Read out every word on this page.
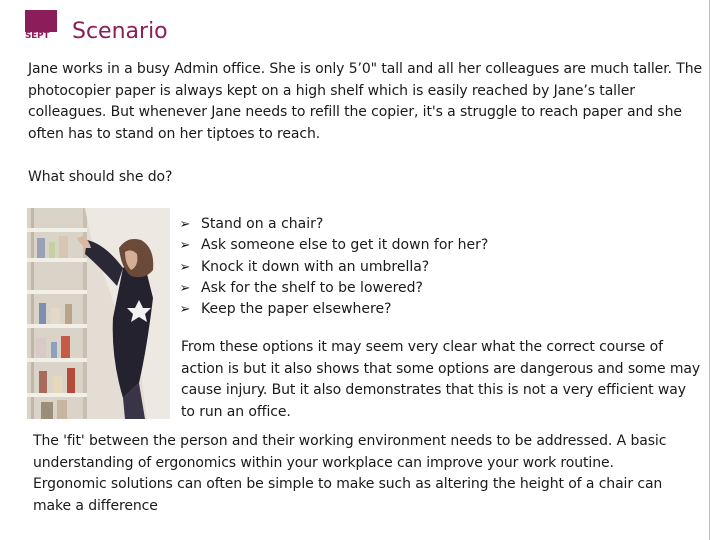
SEPT	Scenario

Jane works in a busy Admin office. She is only 5’0" tall and all her colleagues are much taller. The photocopier paper is always kept on a high shelf which is easily reached by Jane’s taller colleagues. But whenever Jane needs to refill the copier, it's a struggle to reach paper and she often has to stand on her tiptoes to reach.

What should she do?

➢ Stand on a chair?
➢ Ask someone else to get it down for her?
➢ Knock it down with an umbrella?
➢ Ask for the shelf to be lowered?
➢ Keep the paper elsewhere?

From these options it may seem very clear what the correct course of action is but it also shows that some options are dangerous and some may cause injury. But it also demonstrates that this is not a very efficient way to run an office.

The 'fit' between the person and their working environment needs to be addressed. A basic understanding of ergonomics within your workplace can improve your work routine. Ergonomic solutions can often be simple to make such as altering the height of a chair can make a difference
